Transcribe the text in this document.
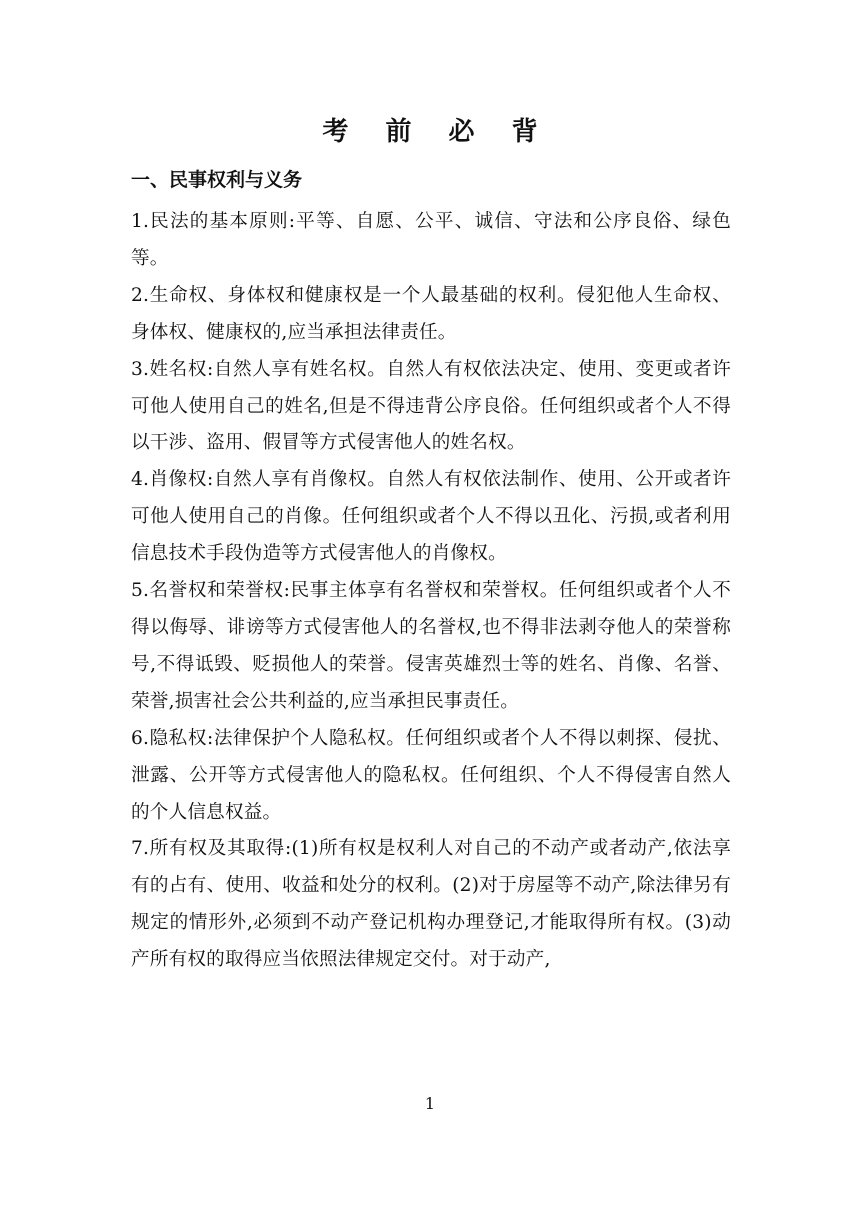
考 前 必 背
一、民事权利与义务

1.民法的基本原则:平等、自愿、公平、诚信、守法和公序良俗、绿色等。

2.生命权、身体权和健康权是一个人最基础的权利。侵犯他人生命权、身体权、健康权的,应当承担法律责任。

3.姓名权:自然人享有姓名权。自然人有权依法决定、使用、变更或者许可他人使用自己的姓名,但是不得违背公序良俗。任何组织或者个人不得以干涉、盗用、假冒等方式侵害他人的姓名权。

4.肖像权:自然人享有肖像权。自然人有权依法制作、使用、公开或者许可他人使用自己的肖像。任何组织或者个人不得以丑化、污损,或者利用信息技术手段伪造等方式侵害他人的肖像权。

5.名誉权和荣誉权:民事主体享有名誉权和荣誉权。任何组织或者个人不得以侮辱、诽谤等方式侵害他人的名誉权,也不得非法剥夺他人的荣誉称号,不得诋毁、贬损他人的荣誉。侵害英雄烈士等的姓名、肖像、名誉、荣誉,损害社会公共利益的,应当承担民事责任。

6.隐私权:法律保护个人隐私权。任何组织或者个人不得以刺探、侵扰、泄露、公开等方式侵害他人的隐私权。任何组织、个人不得侵害自然人的个人信息权益。

7.所有权及其取得:(1)所有权是权利人对自己的不动产或者动产,依法享有的占有、使用、收益和处分的权利。(2)对于房屋等不动产,除法律另有规定的情形外,必须到不动产登记机构办理登记,才能取得所有权。(3)动产所有权的取得应当依照法律规定交付。对于动产,

1
